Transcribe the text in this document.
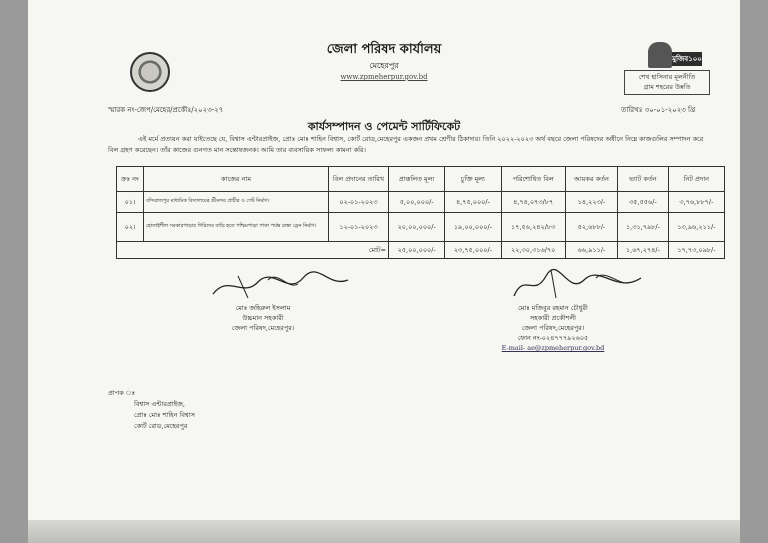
জেলা পরিষদ কার্যালয়
মেহেরপুর
www.zpmeherpur.gov.bd
মুজিব১০০
শেখ হাসিনার মূলনীতি
গ্রাম শহরের উন্নতি
স্মারক নং-জেপ/মেহের/প্রকৌঃ/২০২৩-২৭	তারিখঃ ৩০-০১-২০২৩ খ্রি
কার্যসম্পাদন ও পেমেন্ট সার্টিফিকেট
এই মর্মে প্রত্যয়ন করা যাইতেছে যে, বিশ্বাস এন্টারপ্রাইজ, প্রোঃ মোঃ শাহিন বিশ্বাস, কোর্ট রোড,মেহেরপুর একজন প্রথম শ্রেণীর ঠিকাদার। তিনি ২০২২-২০২৩ অর্থ বছরে জেলা পরিষদের অধীনে নিম্নে কাজগুলির সম্পাদন করে বিল গ্রহণ করেছেন। তাঁর কাজের গুনগত মান সন্তোষজনক। আমি তার ব্যবসায়িক সাফল্য কামনা করি।
ক্রঃ নং	কাজের নাম	বিল প্রদানের তারিখ	প্রাক্কলিত মূল্য	চুক্তি মূল্য	পরিশোধিত বিল	আয়কর কর্তন	ভ্যাট কর্তন	নিট প্রদান
০১।	বন্দিরাজপুর মাধ্যমিক বিদ্যালয়ের শ্রীমন্দর প্রাচীর ও গেট নির্মাণ।	০২-০১-২০২৩	৫,০০,০০০/-	৪,৭৫,০০০/-	৪,৭৪,০৭৩/৮৭	১৪,২২৩/-	৩৫,৫৫৬/-	৩,৭৬,৮৮৭/-
০২।	হোতাইশীল সরকারপাড়ার গিরিদের বাড়ি হতে পশ্চিমপাড়া পাকা পর্যন্ত রাস্তা ড্রেন নির্মাণ।	১২-০১-২০২৩	২০,০০,০০০/-	১৯,০০,০০০/-	১৭,৫৬,২৪২/৮৩	৫২,৬৮৮/-	১,৩১,৭৯৮/-	১৩,৯৬,২১১/-
মোট=			২৫,০০,০০০/-	২৩,৭৫,০০০/-	২২,৩০,৩১৬/৭০	৬৬,৯১১/-	১,৬৭,২৭৪/-	১৭,৭৩,০৯৮/-
মোঃ জহিরুল ইসলাম
উচ্চমান সহকারী
জেলা পরিষদ,মেহেরপুর।
মোঃ মজিবুর রহমান চৌধুরী
সহকারী প্রকৌশলী
জেলা পরিষদ,মেহেরপুর।
ফোন নং-০২৪৭৭৭৯২৬০৫
E-mail- ae@zpmeherpur.gov.bd
প্রাপক ঃ
বিশ্বাস এন্টারপ্রাইজ,
প্রোঃ মোঃ শাহিন বিশ্বাস
কোর্ট রোড,মেহেরপুর
